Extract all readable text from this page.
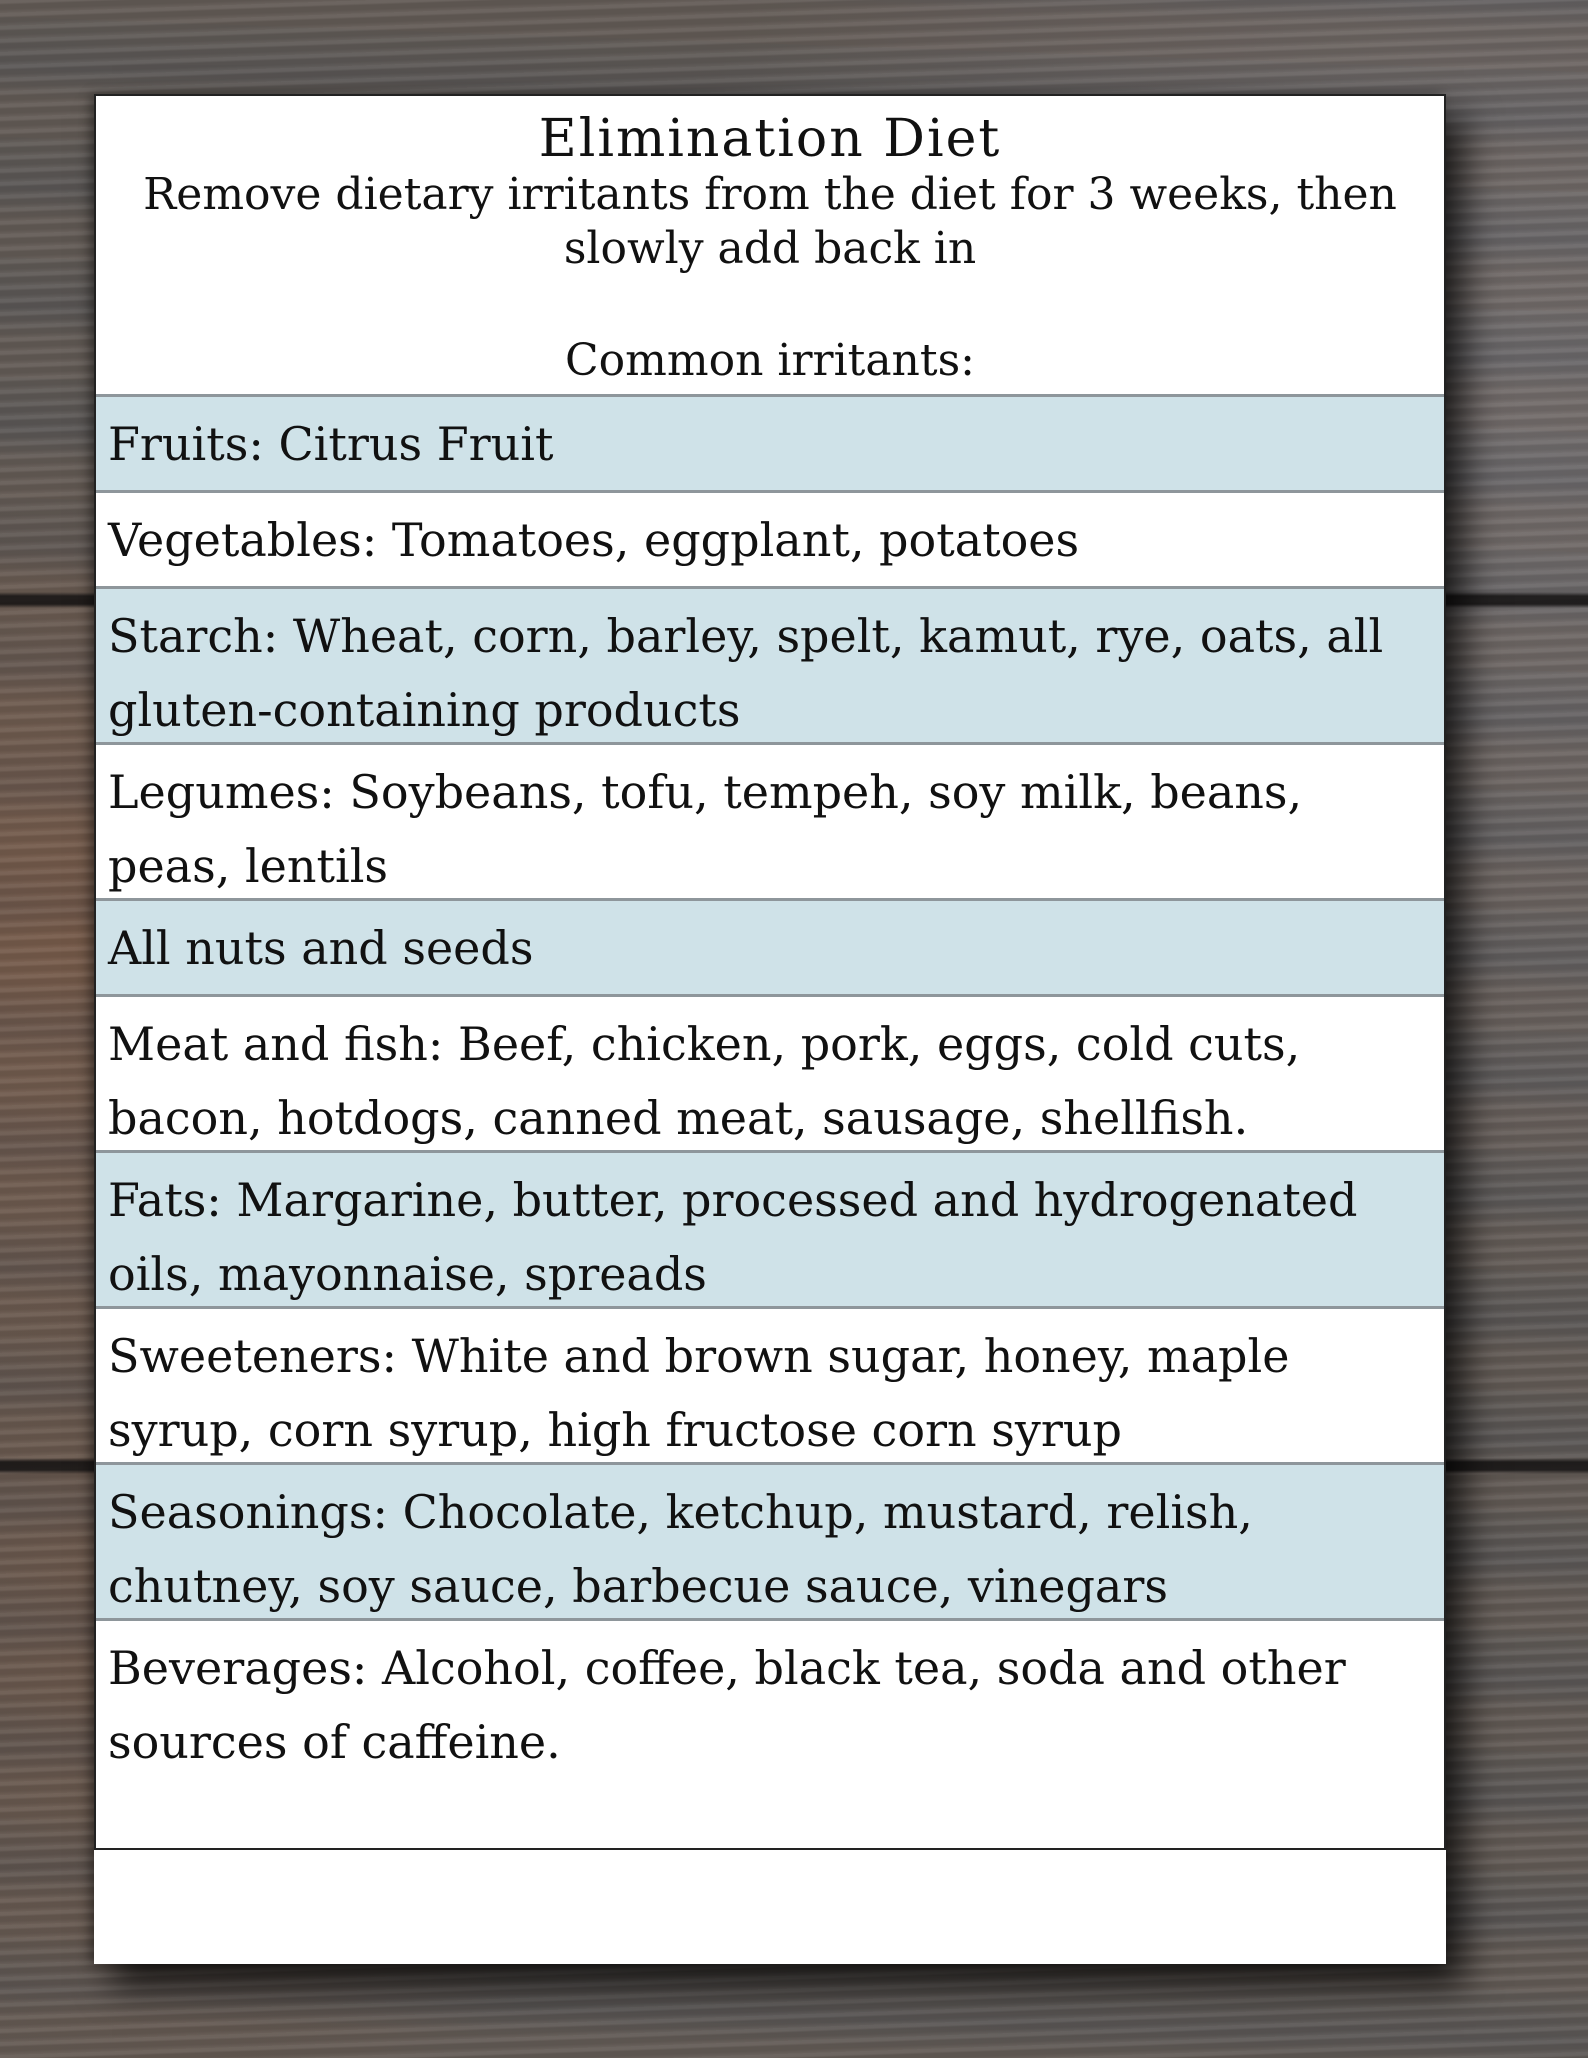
Elimination Diet
Remove dietary irritants from the diet for 3 weeks, then slowly add back in
Common irritants:
Fruits: Citrus Fruit
Vegetables: Tomatoes, eggplant, potatoes
Starch: Wheat, corn, barley, spelt, kamut, rye, oats, all gluten-containing products
Legumes: Soybeans, tofu, tempeh, soy milk, beans, peas, lentils
All nuts and seeds
Meat and fish: Beef, chicken, pork, eggs, cold cuts, bacon, hotdogs, canned meat, sausage, shellfish.
Fats: Margarine, butter, processed and hydrogenated oils, mayonnaise, spreads
Sweeteners: White and brown sugar, honey, maple syrup, corn syrup, high fructose corn syrup
Seasonings: Chocolate, ketchup, mustard, relish, chutney, soy sauce, barbecue sauce, vinegars
Beverages: Alcohol, coffee, black tea, soda and other sources of caffeine.
